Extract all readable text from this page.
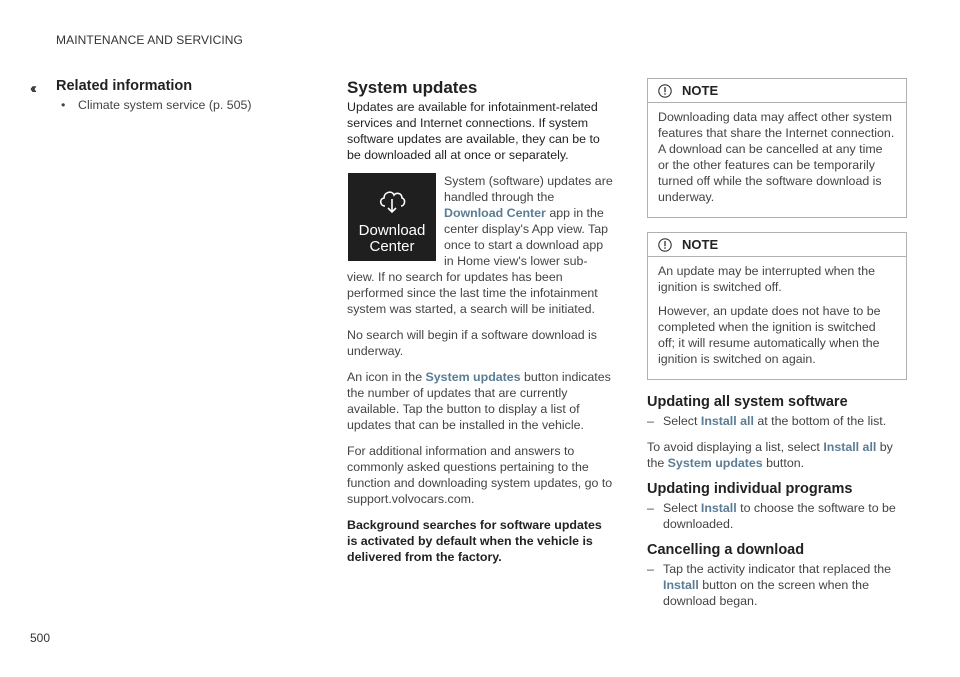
MAINTENANCE AND SERVICING
500
‹‹ Related information
• Climate system service (p. 505)
System updates

Updates are available for infotainment-related services and Internet connections. If system software updates are available, they can be to be downloaded all at once or separately.

Download
Center

System (software) updates are handled through the Download Center app in the center display's App view. Tap once to start a download app in Home view's lower sub-view. If no search for updates has been performed since the last time the infotainment system was started, a search will be initiated.

No search will begin if a software download is underway.

An icon in the System updates button indicates the number of updates that are currently available. Tap the button to display a list of updates that can be installed in the vehicle.

For additional information and answers to commonly asked questions pertaining to the function and downloading system updates, go to support.volvocars.com.

Background searches for software updates is activated by default when the vehicle is delivered from the factory.

NOTE

Downloading data may affect other system features that share the Internet connection. A download can be cancelled at any time or the other features can be temporarily turned off while the software download is underway.

NOTE

An update may be interrupted when the ignition is switched off.

However, an update does not have to be completed when the ignition is switched off; it will resume automatically when the ignition is switched on again.

Updating all system software
– Select Install all at the bottom of the list.

To avoid displaying a list, select Install all by the System updates button.

Updating individual programs
– Select Install to choose the software to be downloaded.
Cancelling a download
– Tap the activity indicator that replaced the Install button on the screen when the download began.
